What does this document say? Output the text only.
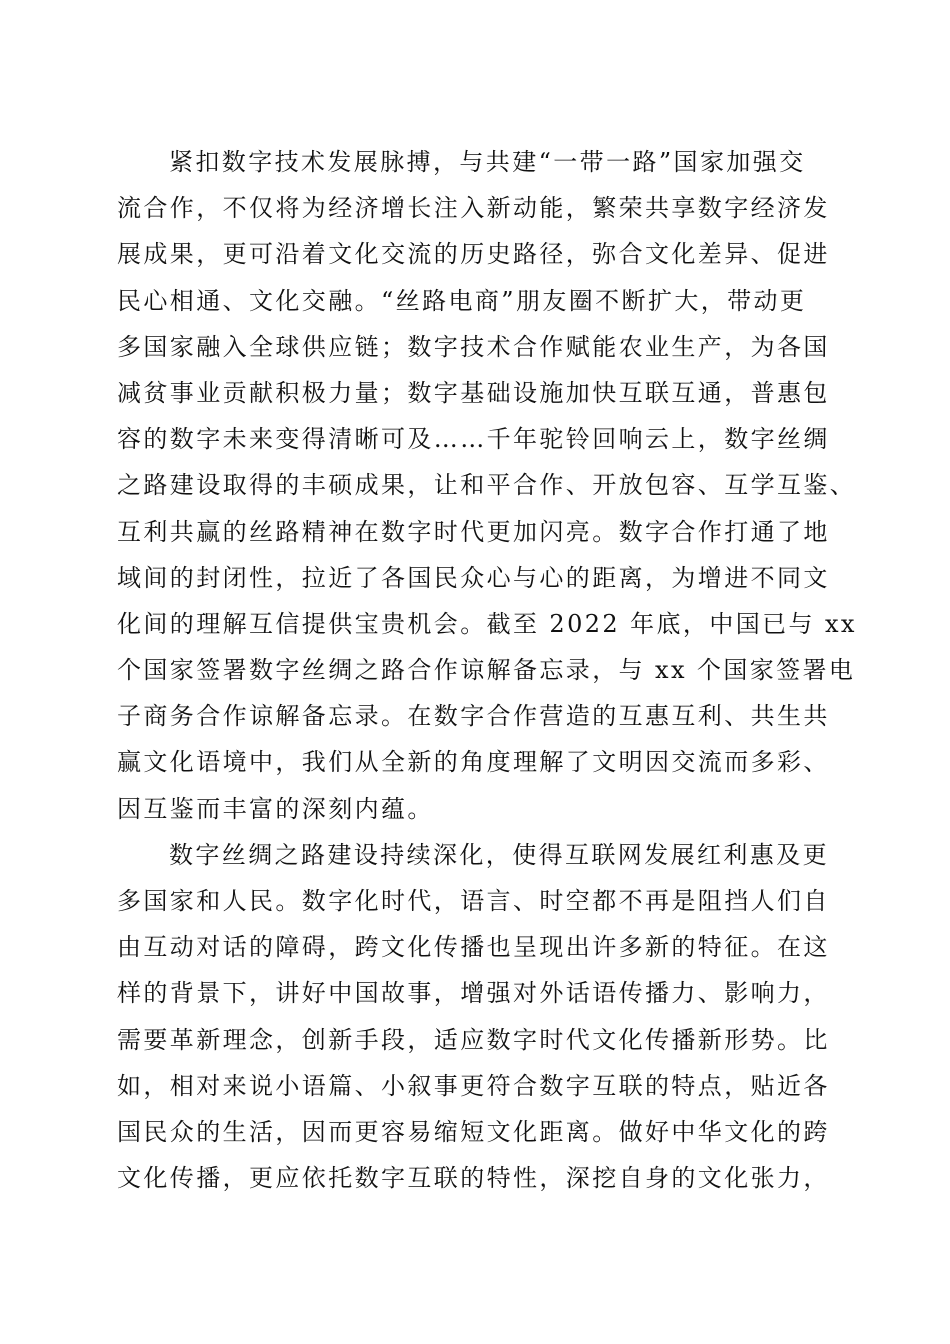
紧扣数字技术发展脉搏，与共建“一带一路”国家加强交
流合作，不仅将为经济增长注入新动能，繁荣共享数字经济发
展成果，更可沿着文化交流的历史路径，弥合文化差异、促进
民心相通、文化交融。“丝路电商”朋友圈不断扩大，带动更
多国家融入全球供应链；数字技术合作赋能农业生产，为各国
减贫事业贡献积极力量；数字基础设施加快互联互通，普惠包
容的数字未来变得清晰可及……千年驼铃回响云上，数字丝绸
之路建设取得的丰硕成果，让和平合作、开放包容、互学互鉴、
互利共赢的丝路精神在数字时代更加闪亮。数字合作打通了地
域间的封闭性，拉近了各国民众心与心的距离，为增进不同文
化间的理解互信提供宝贵机会。截至 2022 年底，中国已与 xx
个国家签署数字丝绸之路合作谅解备忘录，与 xx 个国家签署电
子商务合作谅解备忘录。在数字合作营造的互惠互利、共生共
赢文化语境中，我们从全新的角度理解了文明因交流而多彩、
因互鉴而丰富的深刻内蕴。
数字丝绸之路建设持续深化，使得互联网发展红利惠及更
多国家和人民。数字化时代，语言、时空都不再是阻挡人们自
由互动对话的障碍，跨文化传播也呈现出许多新的特征。在这
样的背景下，讲好中国故事，增强对外话语传播力、影响力，
需要革新理念，创新手段，适应数字时代文化传播新形势。比
如，相对来说小语篇、小叙事更符合数字互联的特点，贴近各
国民众的生活，因而更容易缩短文化距离。做好中华文化的跨
文化传播，更应依托数字互联的特性，深挖自身的文化张力，
